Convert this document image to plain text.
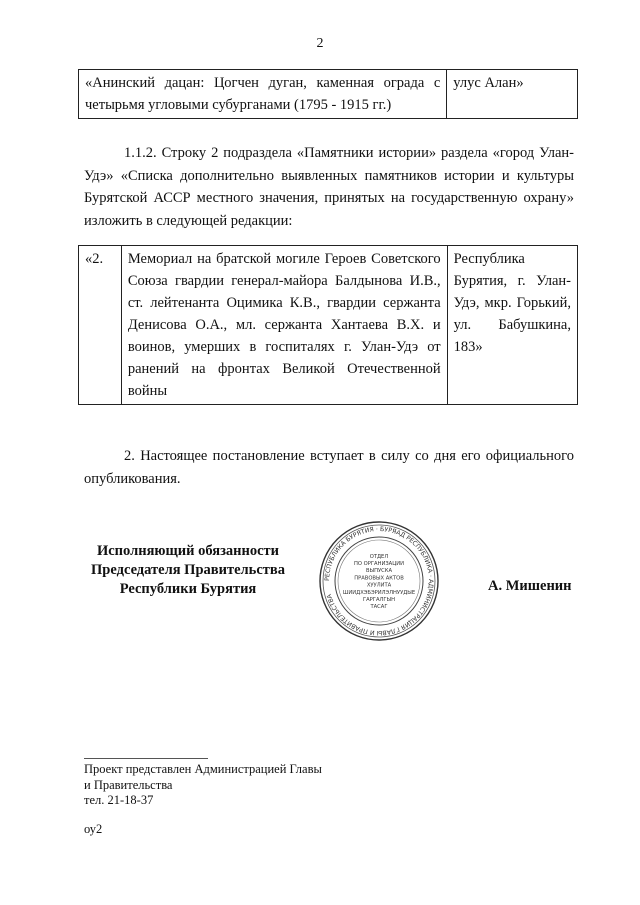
2
«Анинский дацан: Цогчен дуган, каменная ограда с четырьмя угловыми субурганами (1795 - 1915 гг.)	улус Алан»
1.1.2. Строку 2 подраздела «Памятники истории» раздела «город Улан-Удэ» «Списка дополнительно выявленных памятников истории и культуры Бурятской АССР местного значения, принятых на государственную охрану» изложить в следующей редакции:
«2.	Мемориал на братской могиле Героев Советского Союза гвардии генерал-майора Балдынова И.В., ст. лейтенанта Оцимика К.В., гвардии сержанта Денисова О.А., мл. сержанта Хантаева В.Х. и воинов, умерших в госпиталях г. Улан-Удэ от ранений на фронтах Великой Отечественной войны	Республика Бурятия, г. Улан-Удэ, мкр. Горький, ул. Бабушкина, 183»
2. Настоящее постановление вступает в силу со дня его официального опубликования.
Исполняющий обязанности
Председателя Правительства
Республики Бурятия
РЕСПУБЛИКА БУРЯТИЯ · БУРЯАД РЕСПУБЛИКА · АДМИНИСТРАЦИЯ ГЛАВЫ И ПРАВИТЕЛЬСТВА
ОТДЕЛ
ПО ОРГАНИЗАЦИИ
ВЫПУСКА
ПРАВОВЫХ АКТОВ
ХУУЛИТА
ШИИДХЭБЭРИЛЭЛНУУДЫЕ
ГАРГАЛГЫН
ТАСАГ
А. Мишенин
Проект представлен Администрацией Главы
и Правительства
тел. 21-18-37
оу2
